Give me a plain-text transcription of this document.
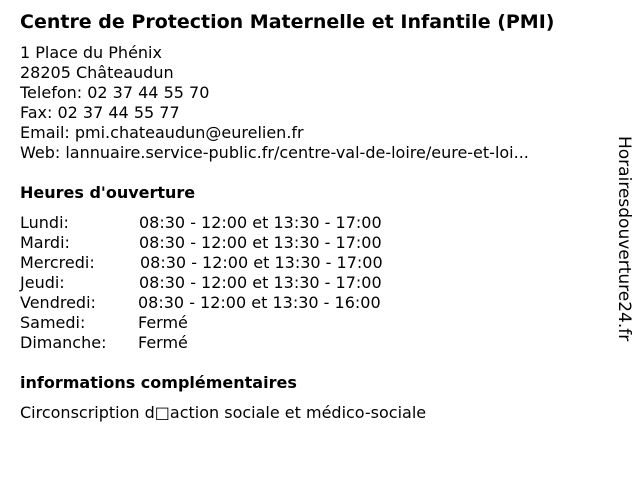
Centre de Protection Maternelle et Infantile (PMI)
1 Place du Phénix
28205 Châteaudun
Telefon: 02 37 44 55 70
Fax: 02 37 44 55 77
Email: pmi.chateaudun@eurelien.fr
Web: lannuaire.service-public.fr/centre-val-de-loire/eure-et-loi...
Heures d'ouverture
Lundi:	08:30 - 12:00 et 13:30 - 17:00
Mardi:	08:30 - 12:00 et 13:30 - 17:00
Mercredi:	08:30 - 12:00 et 13:30 - 17:00
Jeudi:	08:30 - 12:00 et 13:30 - 17:00
Vendredi:	08:30 - 12:00 et 13:30 - 16:00
Samedi:	Fermé
Dimanche: Fermé
informations complémentaires
Circonscription d□action sociale et médico-sociale
Horairesdouverture24.fr
